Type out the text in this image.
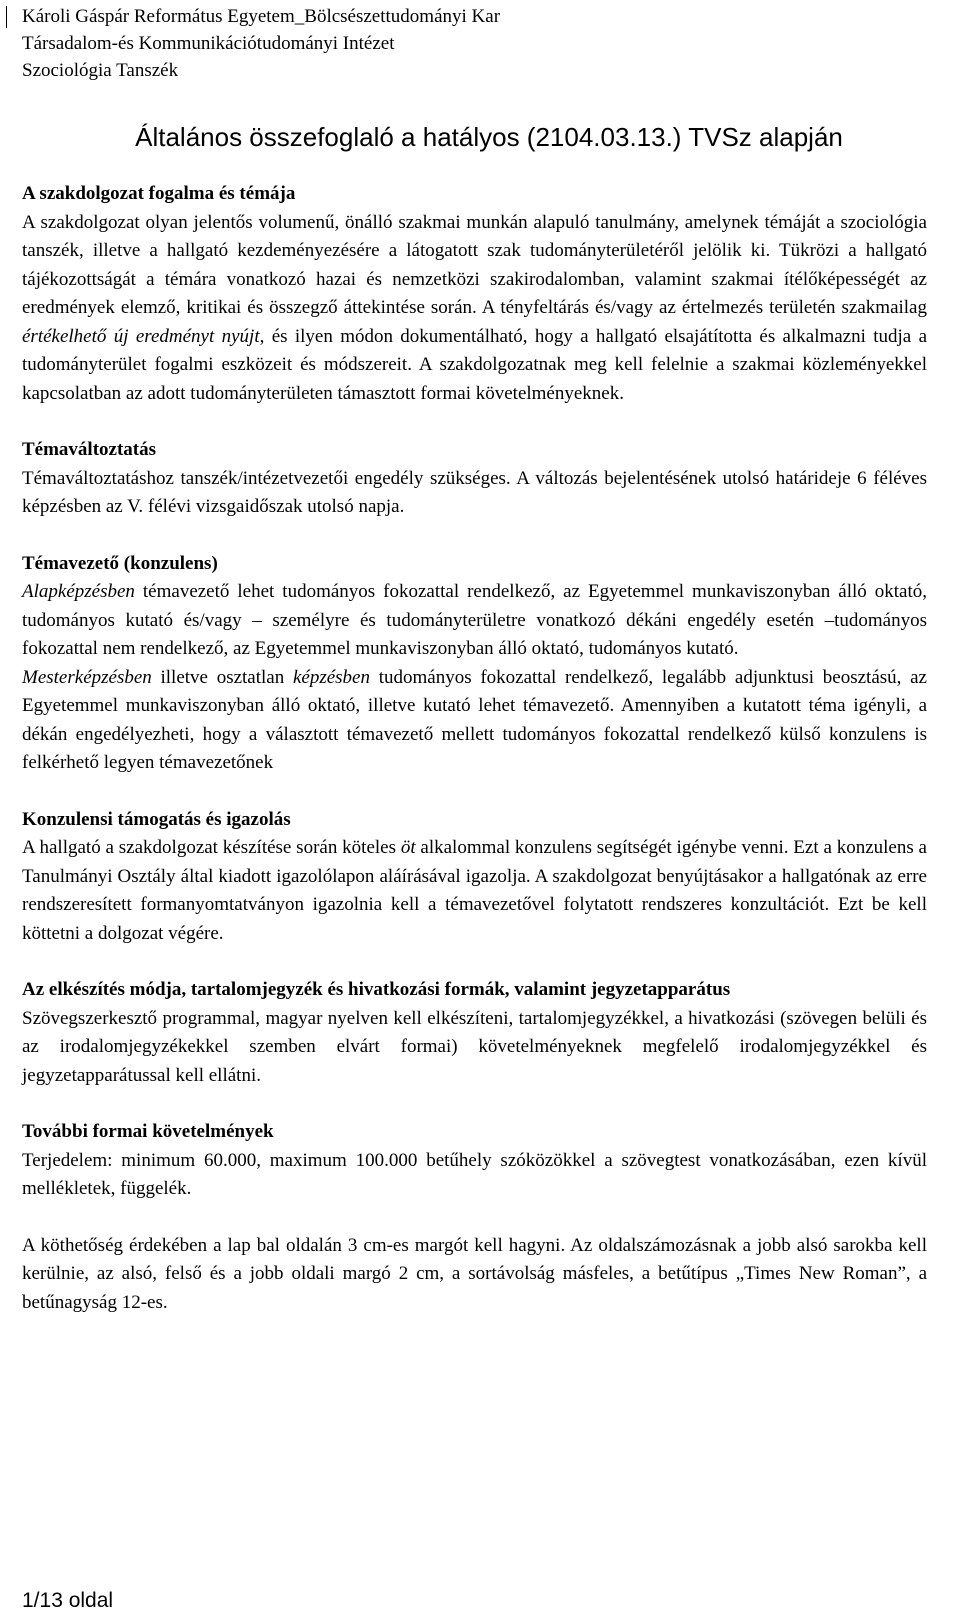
Károli Gáspár Református Egyetem_Bölcsészettudományi Kar
Társadalom-és Kommunikációtudományi Intézet
Szociológia Tanszék
Általános összefoglaló a hatályos (2104.03.13.) TVSz alapján
A szakdolgozat fogalma és témája

A szakdolgozat olyan jelentős volumenű, önálló szakmai munkán alapuló tanulmány, amelynek témáját a szociológia tanszék, illetve a hallgató kezdeményezésére a látogatott szak tudományterületéről jelölik ki. Tükrözi a hallgató tájékozottságát a témára vonatkozó hazai és nemzetközi szakirodalomban, valamint szakmai ítélőképességét az eredmények elemző, kritikai és összegző áttekintése során. A tényfeltárás és/vagy az értelmezés területén szakmailag értékelhető új eredményt nyújt, és ilyen módon dokumentálható, hogy a hallgató elsajátította és alkalmazni tudja a tudományterület fogalmi eszközeit és módszereit. A szakdolgozatnak meg kell felelnie a szakmai közleményekkel kapcsolatban az adott tudományterületen támasztott formai követelményeknek.

Témaváltoztatás

Témaváltoztatáshoz tanszék/intézetvezetői engedély szükséges. A változás bejelentésének utolsó határideje 6 féléves képzésben az V. félévi vizsgaidőszak utolsó napja.

Témavezető (konzulens)

Alapképzésben témavezető lehet tudományos fokozattal rendelkező, az Egyetemmel munkaviszonyban álló oktató, tudományos kutató és/vagy – személyre és tudományterületre vonatkozó dékáni engedély esetén –tudományos fokozattal nem rendelkező, az Egyetemmel munkaviszonyban álló oktató, tudományos kutató.

Mesterképzésben illetve osztatlan képzésben tudományos fokozattal rendelkező, legalább adjunktusi beosztású, az Egyetemmel munkaviszonyban álló oktató, illetve kutató lehet témavezető. Amennyiben a kutatott téma igényli, a dékán engedélyezheti, hogy a választott témavezető mellett tudományos fokozattal rendelkező külső konzulens is felkérhető legyen témavezetőnek

Konzulensi támogatás és igazolás

A hallgató a szakdolgozat készítése során köteles öt alkalommal konzulens segítségét igénybe venni. Ezt a konzulens a Tanulmányi Osztály által kiadott igazolólapon aláírásával igazolja. A szakdolgozat benyújtásakor a hallgatónak az erre rendszeresített formanyomtatványon igazolnia kell a témavezetővel folytatott rendszeres konzultációt. Ezt be kell köttetni a dolgozat végére.

Az elkészítés módja, tartalomjegyzék és hivatkozási formák, valamint jegyzetapparátus

Szövegszerkesztő programmal, magyar nyelven kell elkészíteni, tartalomjegyzékkel, a hivatkozási (szövegen belüli és az irodalomjegyzékekkel szemben elvárt formai) követelményeknek megfelelő irodalomjegyzékkel és jegyzetapparátussal kell ellátni.

További formai követelmények

Terjedelem: minimum 60.000, maximum 100.000 betűhely szóközökkel a szövegtest vonatkozásában, ezen kívül mellékletek, függelék.

A köthetőség érdekében a lap bal oldalán 3 cm-es margót kell hagyni. Az oldalszámozásnak a jobb alsó sarokba kell kerülnie, az alsó, felső és a jobb oldali margó 2 cm, a sortávolság másfeles, a betűtípus „Times New Roman”, a betűnagyság 12-es.

1/13 oldal
